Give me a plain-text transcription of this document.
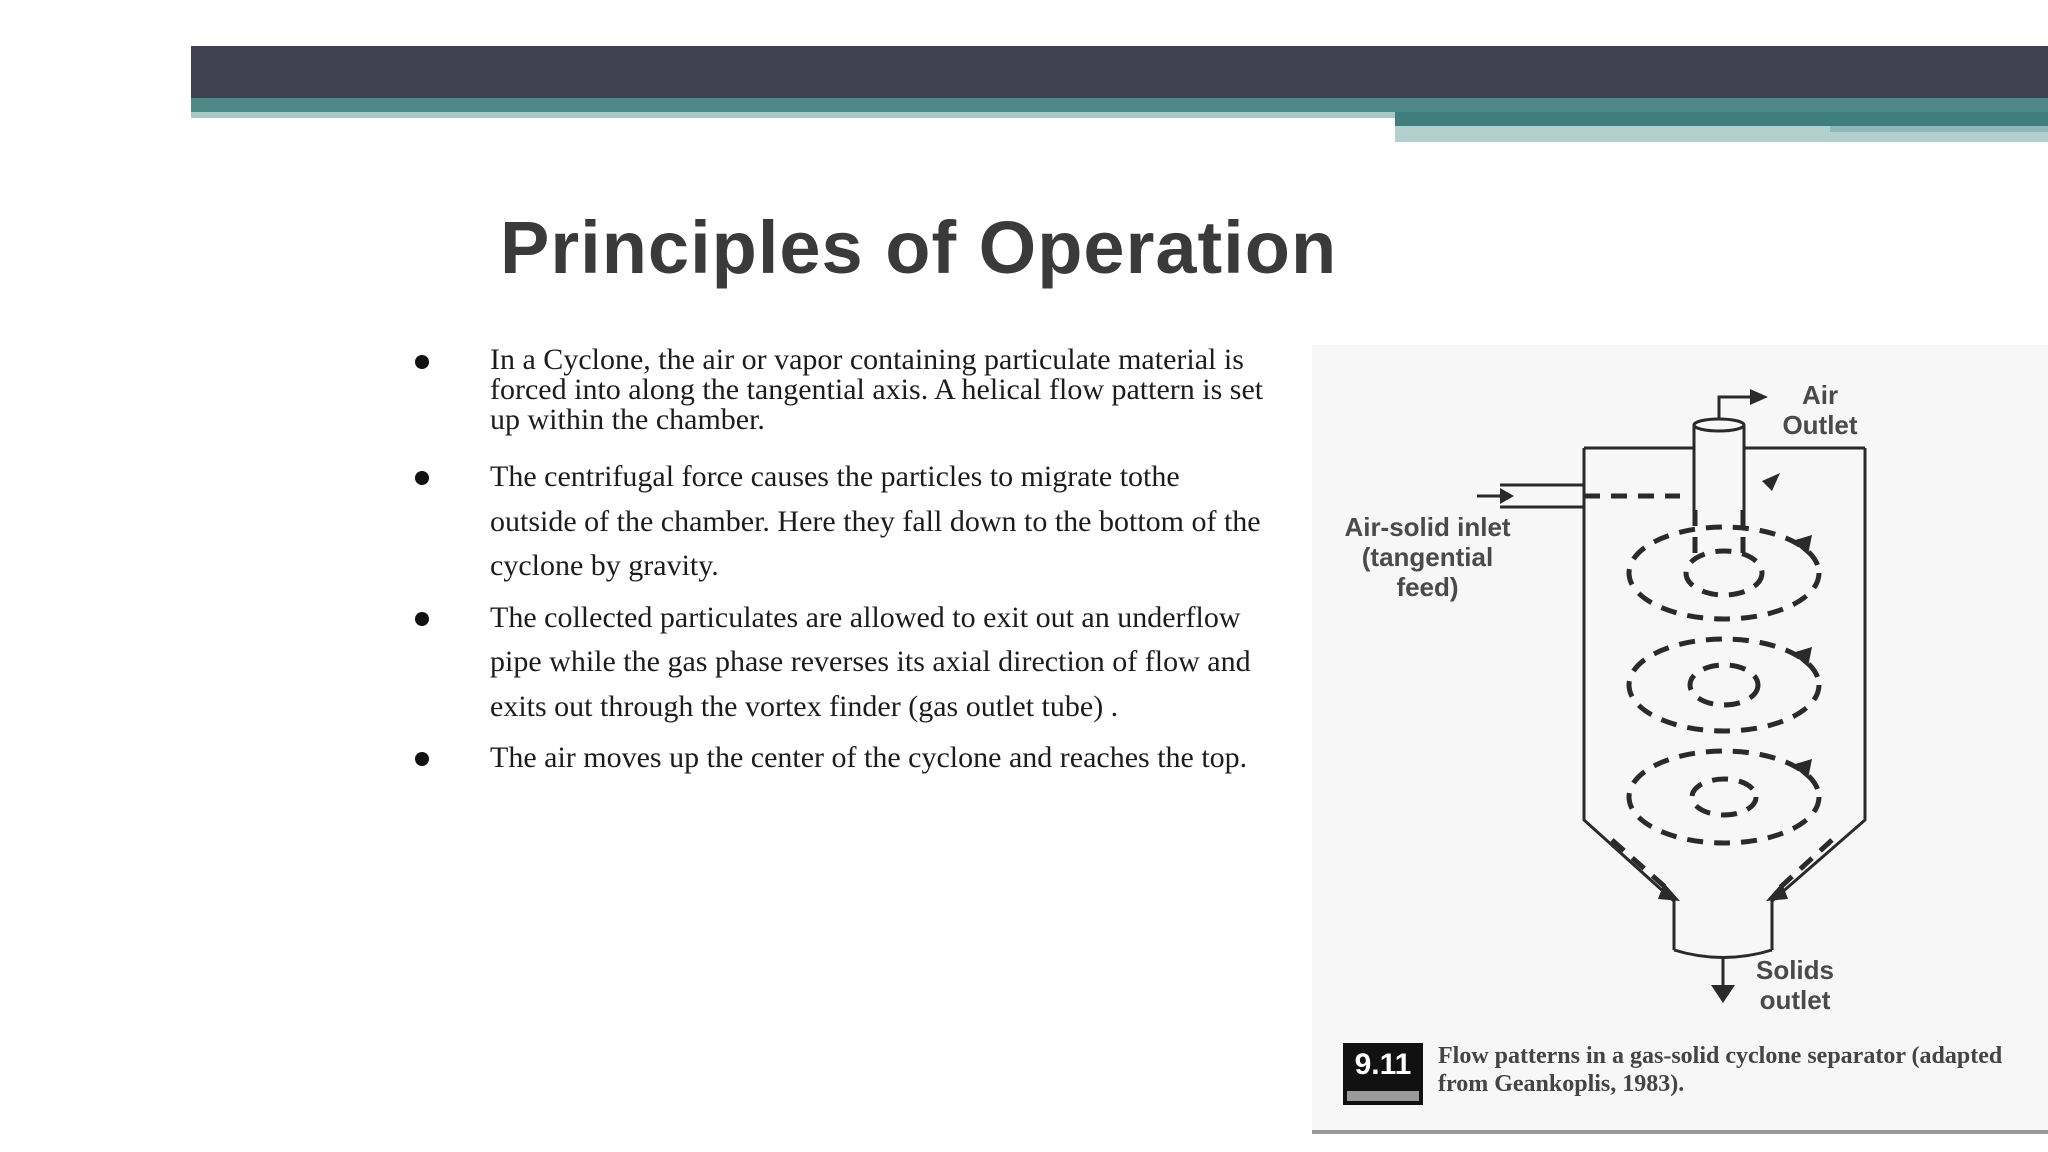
Principles of Operation
In a Cyclone, the air or vapor containing particulate material is forced into along the tangential axis. A helical flow pattern is set up within the chamber.
The centrifugal force causes the particles to migrate tothe outside of the chamber. Here they fall down to the bottom of the cyclone by gravity.
The collected particulates are allowed to exit out an underflow pipe while the gas phase reverses its axial direction of flow and exits out through the vortex finder (gas outlet tube) .
The air moves up the center of the cyclone and reaches the top.
Air Outlet
Air-solid inlet (tangential feed)
Solids outlet
9.11	Flow patterns in a gas-solid cyclone separator (adapted from Geankoplis, 1983).
